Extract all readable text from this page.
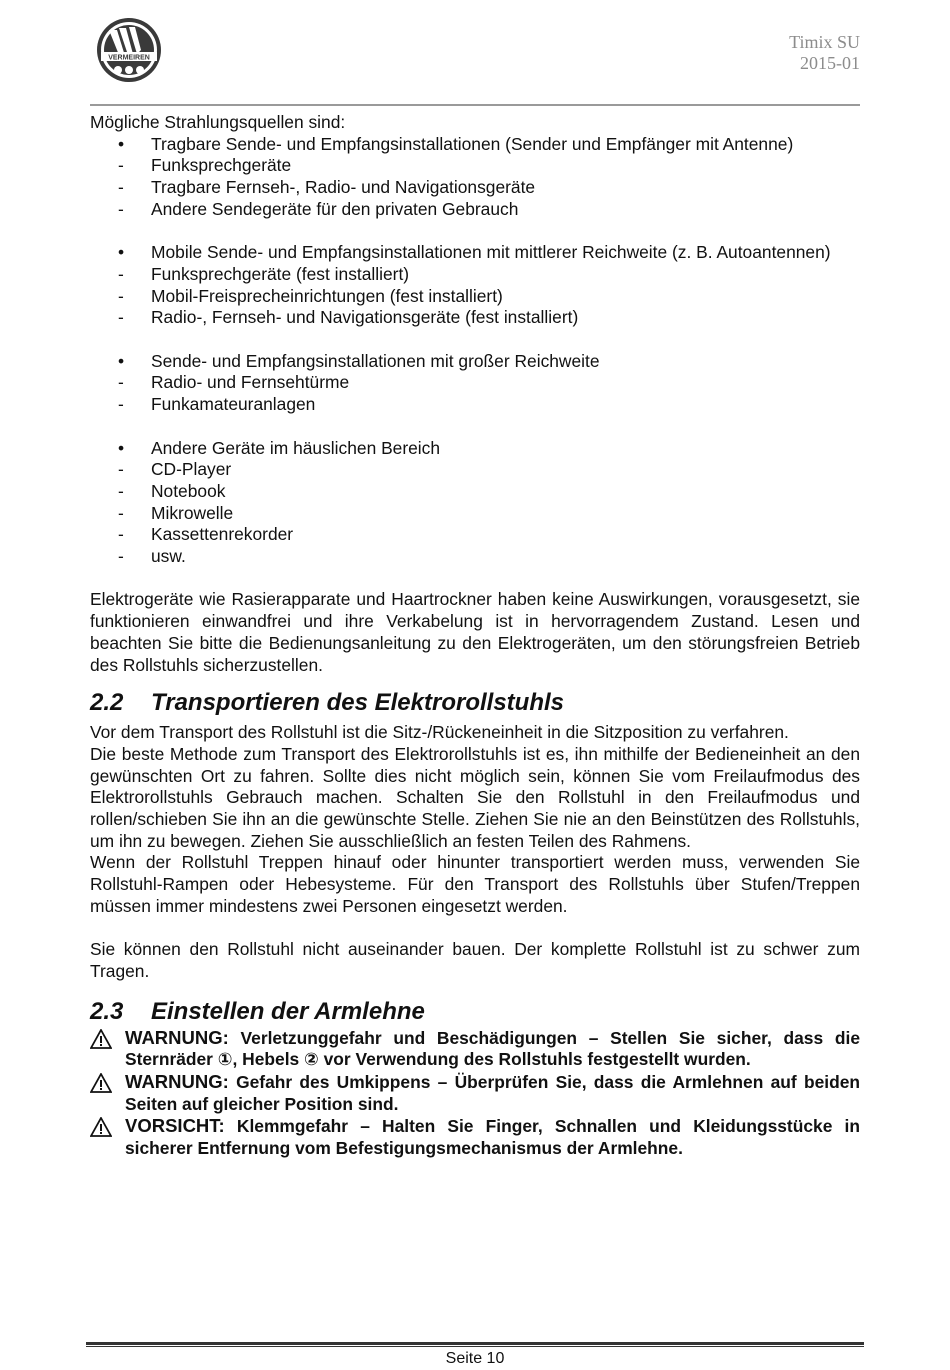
VERMEIREN
Timix SU
2015-01

Mögliche Strahlungsquellen sind:

•	Tragbare Sende- und Empfangsinstallationen (Sender und Empfänger mit Antenne)
-	Funksprechgeräte
-	Tragbare Fernseh-, Radio- und Navigationsgeräte
-	Andere Sendegeräte für den privaten Gebrauch
•	Mobile Sende- und Empfangsinstallationen mit mittlerer Reichweite (z. B. Autoantennen)
-	Funksprechgeräte (fest installiert)
-	Mobil-Freisprecheinrichtungen (fest installiert)
-	Radio-, Fernseh- und Navigationsgeräte (fest installiert)
•	Sende- und Empfangsinstallationen mit großer Reichweite
-	Radio- und Fernsehtürme
-	Funkamateuranlagen
•	Andere Geräte im häuslichen Bereich
-	CD-Player
-	Notebook
-	Mikrowelle
-	Kassettenrekorder
-	usw.

Elektrogeräte wie Rasierapparate und Haartrockner haben keine Auswirkungen, vorausgesetzt, sie funktionieren einwandfrei und ihre Verkabelung ist in hervorragendem Zustand. Lesen und beachten Sie bitte die Bedienungsanleitung zu den Elektrogeräten, um den störungsfreien Betrieb des Rollstuhls sicherzustellen.

2.2 Transportieren des Elektrorollstuhls

Vor dem Transport des Rollstuhl ist die Sitz-/Rückeneinheit in die Sitzposition zu verfahren.

Die beste Methode zum Transport des Elektrorollstuhls ist es, ihn mithilfe der Bedieneinheit an den gewünschten Ort zu fahren. Sollte dies nicht möglich sein, können Sie vom Freilaufmodus des Elektrorollstuhls Gebrauch machen. Schalten Sie den Rollstuhl in den Freilaufmodus und rollen/schieben Sie ihn an die gewünschte Stelle. Ziehen Sie nie an den Beinstützen des Rollstuhls, um ihn zu bewegen. Ziehen Sie ausschließlich an festen Teilen des Rahmens.

Wenn der Rollstuhl Treppen hinauf oder hinunter transportiert werden muss, verwenden Sie Rollstuhl-Rampen oder Hebesysteme. Für den Transport des Rollstuhls über Stufen/Treppen müssen immer mindestens zwei Personen eingesetzt werden.

Sie können den Rollstuhl nicht auseinander bauen. Der komplette Rollstuhl ist zu schwer zum Tragen.

2.3 Einstellen der Armlehne

WARNUNG: Verletzunggefahr und Beschädigungen – Stellen Sie sicher, dass die Sternräder ①, Hebels ② vor Verwendung des Rollstuhls festgestellt wurden.

WARNUNG: Gefahr des Umkippens – Überprüfen Sie, dass die Armlehnen auf beiden Seiten auf gleicher Position sind.

VORSICHT: Klemmgefahr – Halten Sie Finger, Schnallen und Kleidungsstücke in sicherer Entfernung vom Befestigungsmechanismus der Armlehne.

Seite 10
